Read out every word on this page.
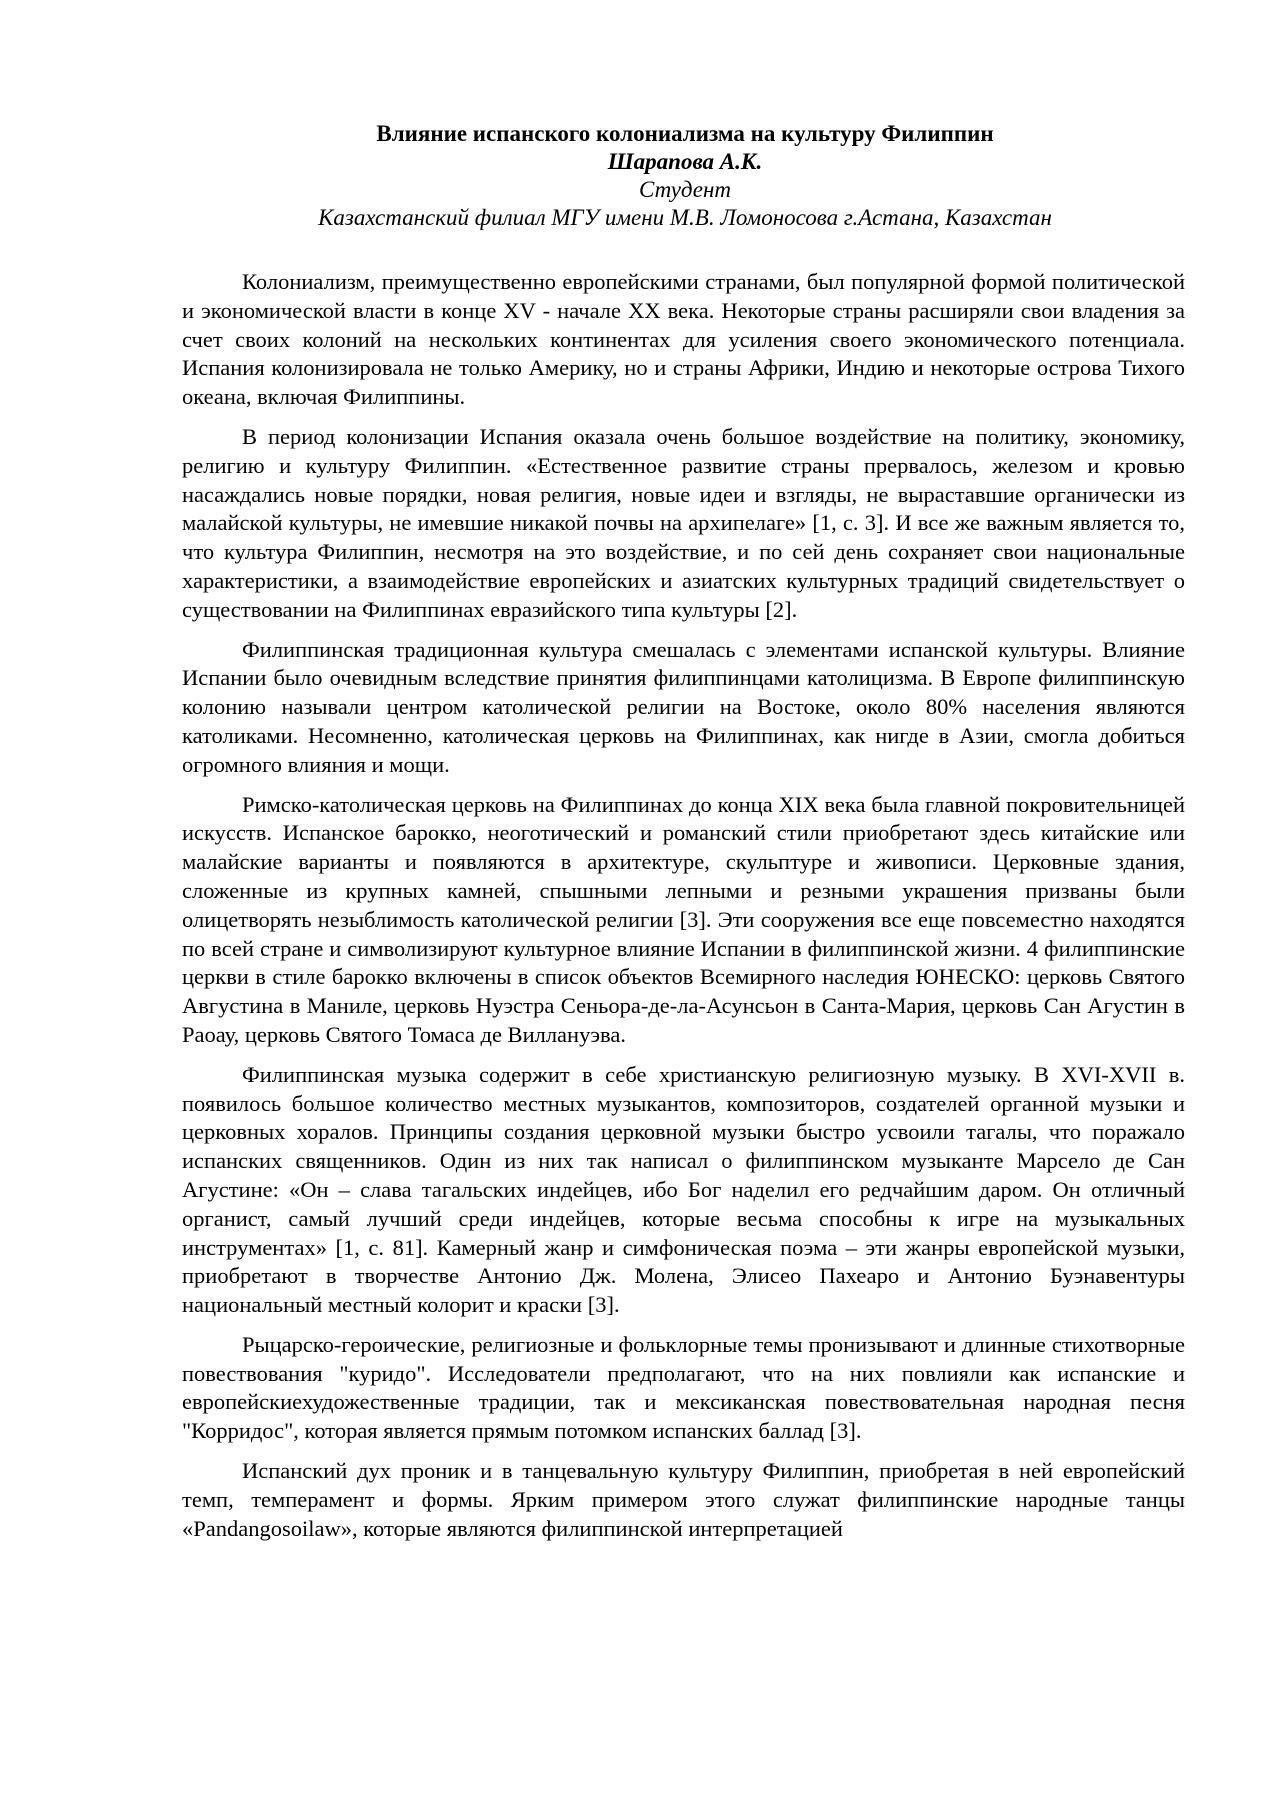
Влияние испанского колониализма на культуру Филиппин
Шарапова А.К.
Студент
Казахстанский филиал МГУ имени М.В. Ломоносова г.Астана, Казахстан

Колониализм, преимущественно европейскими странами, был популярной формой политической и экономической власти в конце XV - начале XX века. Некоторые страны расширяли свои владения за счет своих колоний на нескольких континентах для усиления своего экономического потенциала. Испания колонизировала не только Америку, но и страны Африки, Индию и некоторые острова Тихого океана, включая Филиппины.

В период колонизации Испания оказала очень большое воздействие на политику, экономику, религию и культуру Филиппин. «Естественное развитие страны прервалось, железом и кровью насаждались новые порядки, новая религия, новые идеи и взгляды, не выраставшие органически из малайской культуры, не имевшие никакой почвы на архипелаге» [1, с. 3]. И все же важным является то, что культура Филиппин, несмотря на это воздействие, и по сей день сохраняет свои национальные характеристики, а взаимодействие европейских и азиатских культурных традиций свидетельствует о существовании на Филиппинах евразийского типа культуры [2].

Филиппинская традиционная культура смешалась с элементами испанской культуры. Влияние Испании было очевидным вследствие принятия филиппинцами католицизма. В Европе филиппинскую колонию называли центром католической религии на Востоке, около 80% населения являются католиками. Несомненно, католическая церковь на Филиппинах, как нигде в Азии, смогла добиться огромного влияния и мощи.

Римско-католическая церковь на Филиппинах до конца XIX века была главной покровительницей искусств. Испанское барокко, неоготический и романский стили приобретают здесь китайские или малайские варианты и появляются в архитектуре, скульптуре и живописи. Церковные здания, сложенные из крупных камней, спышными лепными и резными украшения призваны были олицетворять незыблимость католической религии [3]. Эти сооружения все еще повсеместно находятся по всей стране и символизируют культурное влияние Испании в филиппинской жизни. 4 филиппинские церкви в стиле барокко включены в список объектов Всемирного наследия ЮНЕСКО: церковь Святого Августина в Маниле, церковь Нуэстра Сеньора-де-ла-Асунсьон в Санта-Мария, церковь Сан Агустин в Раоау, церковь Святого Томаса де Виллануэва.

Филиппинская музыка содержит в себе христианскую религиозную музыку. В XVI-XVII в. появилось большое количество местных музыкантов, композиторов, создателей органной музыки и церковных хоралов. Принципы создания церковной музыки быстро усвоили тагалы, что поражало испанских священников. Один из них так написал о филиппинском музыканте Марсело де Сан Агустине: «Он – слава тагальских индейцев, ибо Бог наделил его редчайшим даром. Он отличный органист, самый лучший среди индейцев, которые весьма способны к игре на музыкальных инструментах» [1, с. 81]. Камерный жанр и симфоническая поэма – эти жанры европейской музыки, приобретают в творчестве Антонио Дж. Молена, Элисео Пахеаро и Антонио Буэнавентуры национальный местный колорит и краски [3].

Рыцарско-героические, религиозные и фольклорные темы пронизывают и длинные стихотворные повествования "куридо". Исследователи предполагают, что на них повлияли как испанские и европейскиехудожественные традиции, так и мексиканская повествовательная народная песня "Корридос", которая является прямым потомком испанских баллад [3].

Испанский дух проник и в танцевальную культуру Филиппин, приобретая в ней европейский темп, темперамент и формы. Ярким примером этого служат филиппинские народные танцы «Pandangosoilaw», которые являются филиппинской интерпретацией
